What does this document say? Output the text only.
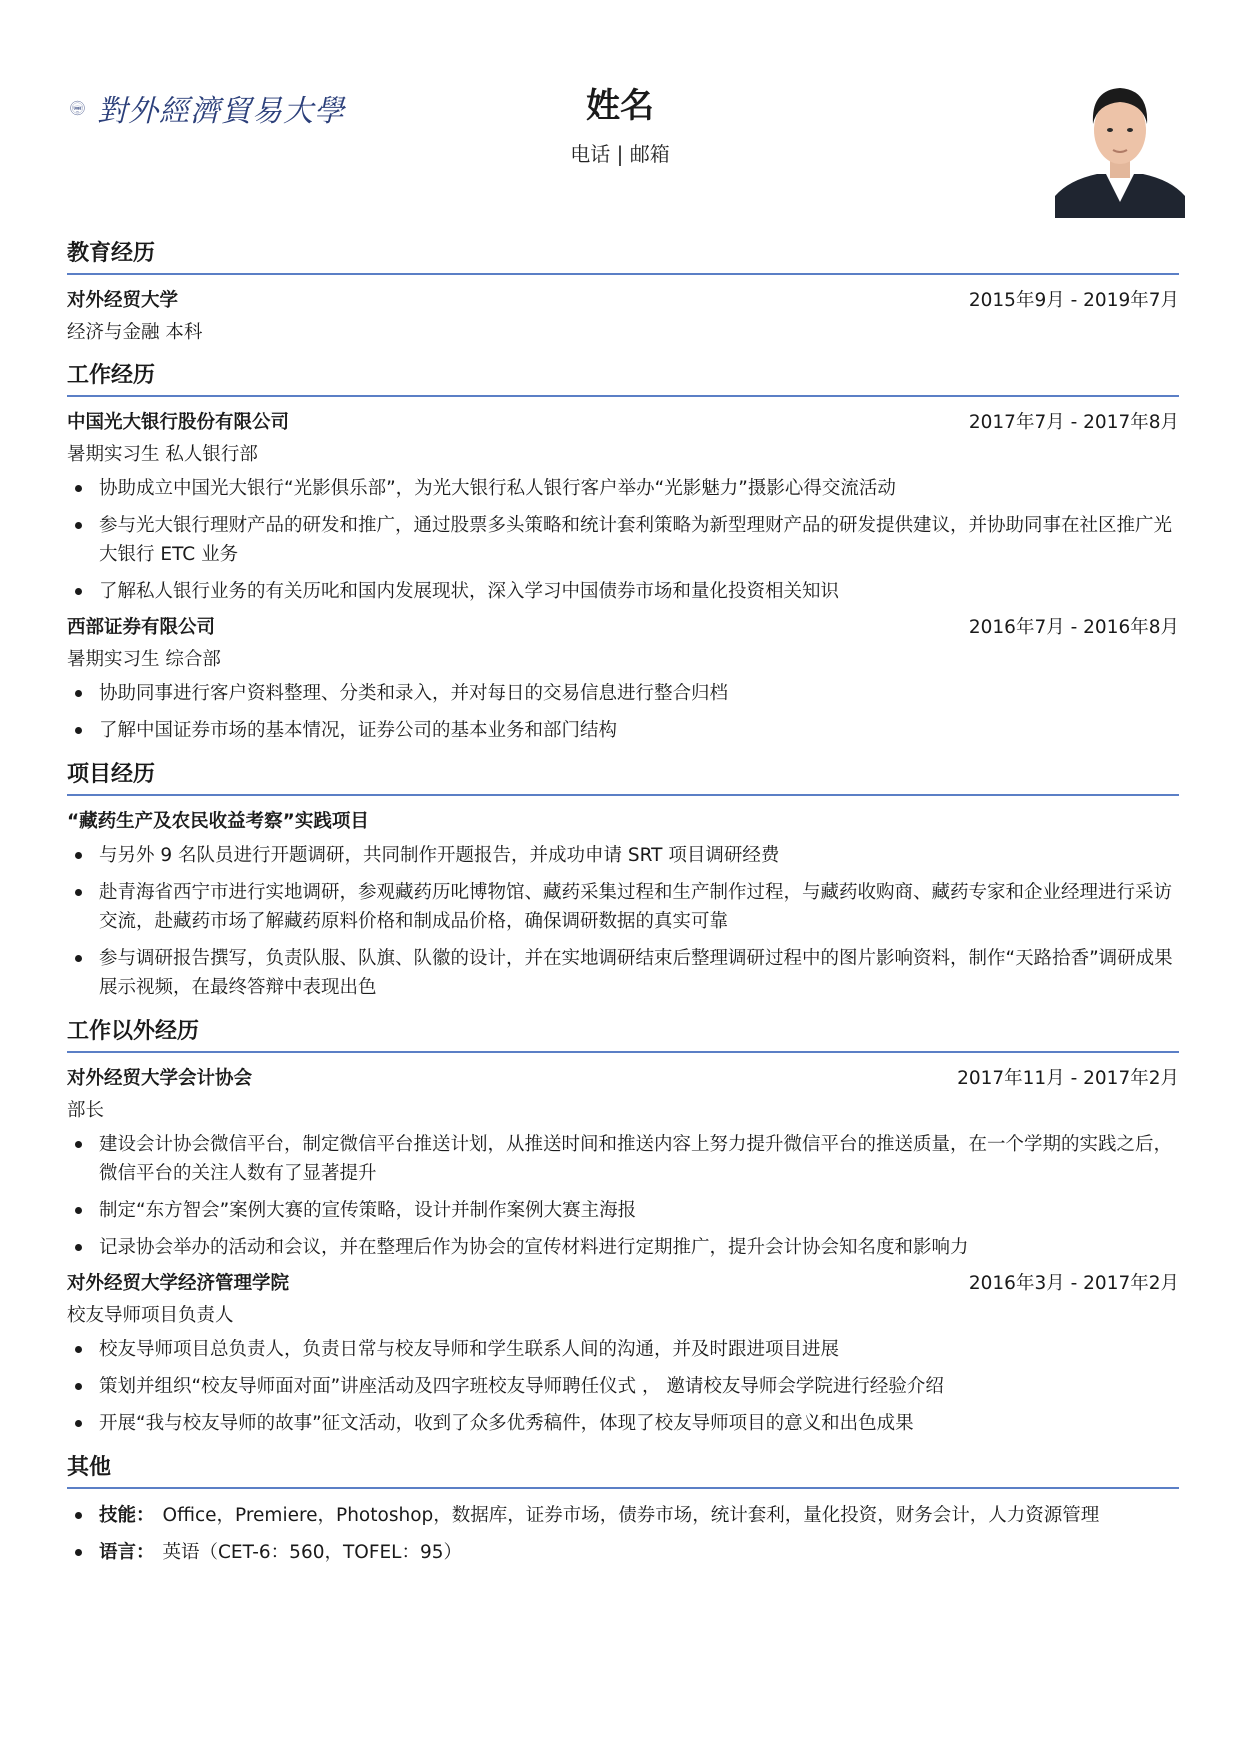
UIBE
1951 對外經濟貿易大學	姓名
电话 | 邮箱
教育经历
对外经贸大学	2015年9月 - 2019年7月
经济与金融 本科
工作经历
中国光大银行股份有限公司	2017年7月 - 2017年8月
暑期实习生 私人银行部
协助成立中国光大银行“光影俱乐部”，为光大银行私人银行客户举办“光影魅力”摄影心得交流活动
参与光大银行理财产品的研发和推广，通过股票多头策略和统计套利策略为新型理财产品的研发提供建议，并协助同事在社区推广光大银行 ETC 业务
了解私人银行业务的有关历叱和国内发展现状，深入学习中国债券市场和量化投资相关知识
西部证券有限公司	2016年7月 - 2016年8月
暑期实习生 综合部
协助同事进行客户资料整理、分类和录入，并对每日的交易信息进行整合归档
了解中国证券市场的基本情况，证券公司的基本业务和部门结构
项目经历
“藏药生产及农民收益考察”实践项目
与另外 9 名队员进行开题调研，共同制作开题报告，并成功申请 SRT 项目调研经费
赴青海省西宁市进行实地调研，参观藏药历叱博物馆、藏药采集过程和生产制作过程，与藏药收购商、藏药专家和企业经理进行采访交流，赴藏药市场了解藏药原料价格和制成品价格，确保调研数据的真实可靠
参与调研报告撰写，负责队服、队旗、队徽的设计，并在实地调研结束后整理调研过程中的图片影响资料，制作“天路拾香”调研成果展示视频，在最终答辩中表现出色
工作以外经历
对外经贸大学会计协会	2017年11月 - 2017年2月
部长
建设会计协会微信平台，制定微信平台推送计划，从推送时间和推送内容上努力提升微信平台的推送质量，在一个学期的实践之后，微信平台的关注人数有了显著提升
制定“东方智会”案例大赛的宣传策略，设计并制作案例大赛主海报
记录协会举办的活动和会议，并在整理后作为协会的宣传材料进行定期推广，提升会计协会知名度和影响力
对外经贸大学经济管理学院	2016年3月 - 2017年2月
校友导师项目负责人
校友导师项目总负责人，负责日常与校友导师和学生联系人间的沟通，并及时跟进项目进展
策划并组织“校友导师面对面”讲座活动及四字班校友导师聘任仪式 ， 邀请校友导师会学院进行经验介绍
开展“我与校友导师的故事”征文活动，收到了众多优秀稿件，体现了校友导师项目的意义和出色成果
其他
技能： Office，Premiere，Photoshop，数据库，证券市场，债券市场，统计套利，量化投资，财务会计，人力资源管理
语言： 英语（CET-6：560，TOFEL：95）
